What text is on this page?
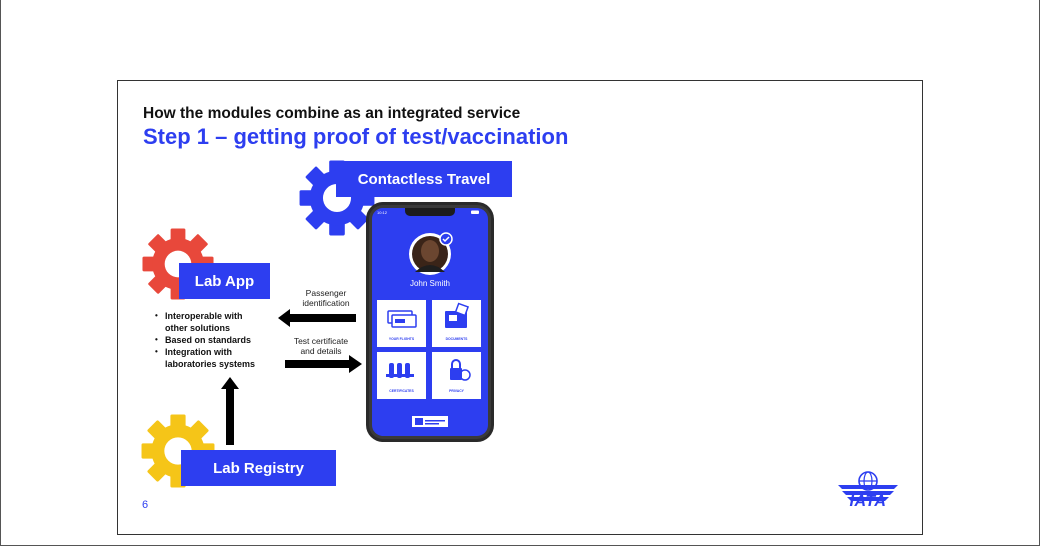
How the modules combine as an integrated service
Step 1 – getting proof of test/vaccination
Contactless Travel
Lab App
Lab Registry
• Interoperable with
other solutions
• Based on standards
• Integration with
laboratories systems
Passenger
identification
Test certificate
and details
10:12
John Smith
YOUR FLIGHTS	DOCUMENTS
CERTIFICATES	PRIVACY
6	IATA
